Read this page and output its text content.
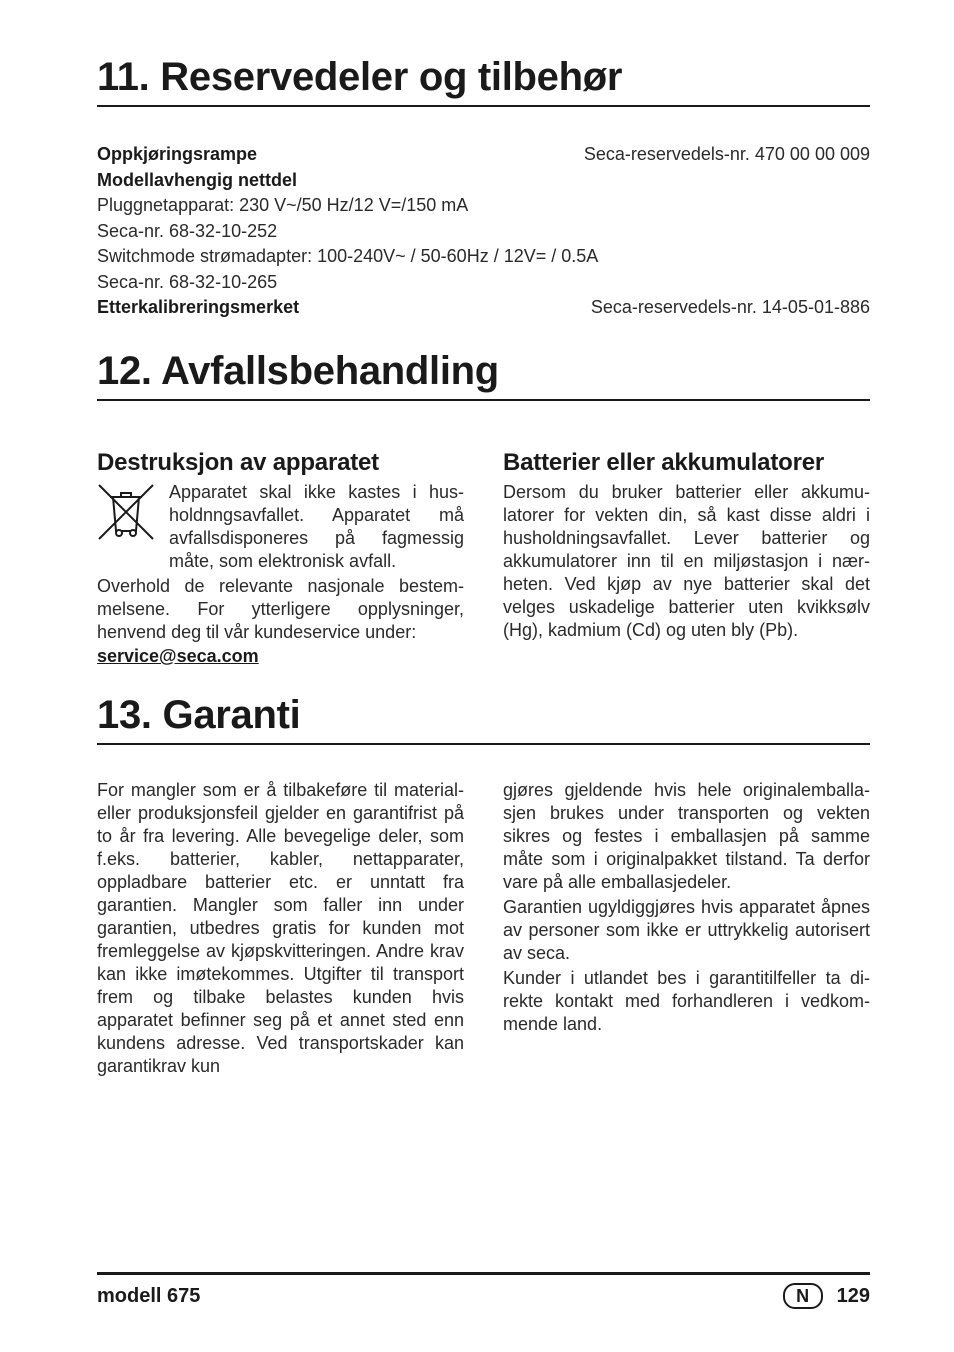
11. Reservedeler og tilbehør
Oppkjøringsrampe	Seca-reservedels-nr. 470 00 00 009
Modellavhengig nettdel
Pluggnetapparat: 230 V~/50 Hz/12 V=/150 mA
Seca-nr. 68-32-10-252
Switchmode strømadapter: 100-240V~ / 50-60Hz / 12V= / 0.5A
Seca-nr. 68-32-10-265
Etterkalibreringsmerket	Seca-reservedels-nr. 14-05-01-886
12. Avfallsbehandling
Destruksjon av apparatet

Apparatet skal ikke kastes i husholdnngsavfallet. Apparatet må avfallsdisponeres på fagmessig måte, som elektronisk avfall.

Overhold de relevante nasjonale bestemmelsene. For ytterligere opplysninger, henvend deg til vår kundeservice under:

service@seca.com
Batterier eller akkumulatorer

Dersom du bruker batterier eller akkumulatorer for vekten din, så kast disse aldri i husholdningsavfallet. Lever batterier og akkumulatorer inn til en miljøstasjon i nærheten. Ved kjøp av nye batterier skal det velges uskadelige batterier uten kvikksølv (Hg), kadmium (Cd) og uten bly (Pb).

13. Garanti

For mangler som er å tilbakeføre til material- eller produksjonsfeil gjelder en garantifrist på to år fra levering. Alle bevegelige deler, som f.eks. batterier, kabler, nettapparater, oppladbare batterier etc. er unntatt fra garantien. Mangler som faller inn under garantien, utbedres gratis for kunden mot fremleggelse av kjøpskvitteringen. Andre krav kan ikke imøtekommes. Utgifter til transport frem og tilbake belastes kunden hvis apparatet befinner seg på et annet sted enn kundens adresse. Ved transportskader kan garantikrav kun

gjøres gjeldende hvis hele originalemballasjen brukes under transporten og vekten sikres og festes i emballasjen på samme måte som i originalpakket tilstand. Ta derfor vare på alle emballasjedeler.

Garantien ugyldiggjøres hvis apparatet åpnes av personer som ikke er uttrykkelig autorisert av seca.

Kunder i utlandet bes i garantitilfeller ta direkte kontakt med forhandleren i vedkommende land.

modell 675	N	129
